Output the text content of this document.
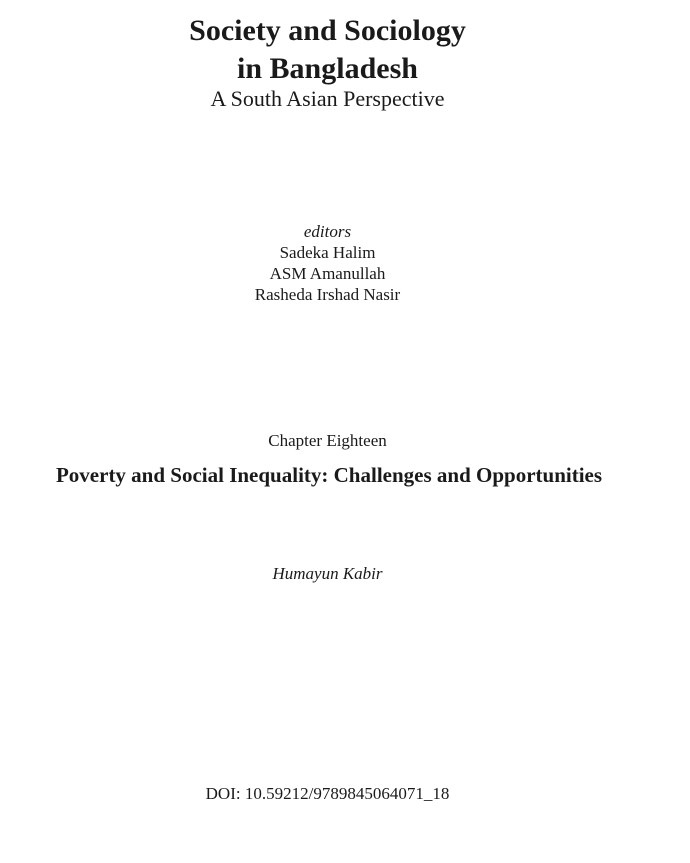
Society and Sociology
in Bangladesh
A South Asian Perspective
editors
Sadeka Halim
ASM Amanullah
Rasheda Irshad Nasir
Chapter Eighteen
Poverty and Social Inequality: Challenges and Opportunities
Humayun Kabir
DOI: 10.59212/9789845064071_18
